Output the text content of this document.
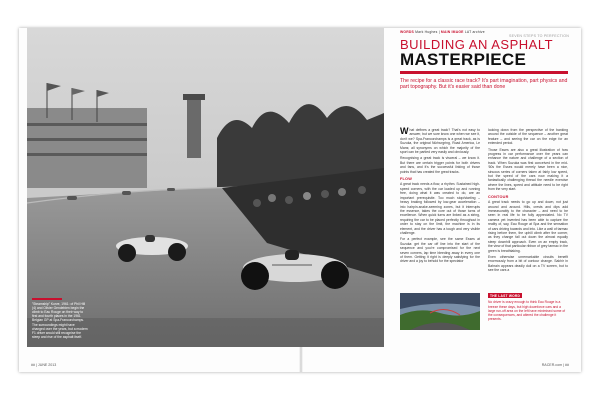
SEVEN STEPS TO PERFECTION
## | JUNE 2013	RACER.com | ##
"Steamship" Kurve, 1961: of Phil Hill (4) and Olivier Gendebien begin the climb to Eau Rouge on their way to first and fourth places in the 1961 Belgian GP at Spa-Francorchamps. The surroundings might have changed over the years, but a modern F1 driver would still recognise the steep and rise of the asphalt itself.
WORDS Mark Hughes | MAIN IMAGE LAT archive
BUILDING AN ASPHALT
MASTERPIECE
The recipe for a classic race track? It's part imagination, part physics and part topography. But it's easier said than done

What defines a great track? That's not easy to answer, but we sure know one when we see it, don't we? Spa-Francorchamps is a great track, as is Suzuka, the original Nürburgring, Road America, Le Mans; all synonyms on which the majority of the sport can be partied very easily and obviously.

Recognising a great track is visceral – we know it. But there are certain trigger points for both drivers and fans, and it's the successful linking of those points that has created the great tracks.

FLOW

A great track needs a flow, a rhythm. Sustained high-speed corners, with the car loaded up and running free, doing what it was created to do, are an important prerequisite. Too much stop/starting – heavy braking followed by low-gear acceleration – into hairpin-snake-seeming zones, but it interrupts the essence, takes the core out of those turns of excellence. When quick turns are linked as a string, requiring the car to be placed perfectly throughout in order to stay on the limit, the machine is in its element, and the driver has a tough and very visible challenge.

For a perfect example, see the same Esses at Suzuka: get the car off line into the start of the sequence and you're compromised for the next seven corners, lap time bleeding away in every one of them. Getting it right is deeply satisfying for the driver and a joy to behold for the spectator

looking down from the perspective of the banking around the outside of the sequence – another great feature – and seeing the car on the edge for an extended period.

Those Esses are also a great illustration of how progress in car performance over the years can enhance the nature and challenge of a section of track. When Suzuka was first conceived in the mid-'60s the Esses would merely have been a nice, sinuous series of corners taken at fairly low speed, but the speed of the cars now making it a fantastically challenging thread the needle exercise where the lines, speed and attitude need to be right from the very start.

CONTOUR

A great track needs to go up and down, not just around and around. Hills, crests and dips add immeasurably to the character – and need to be seen in real life to be fully appreciated. No TV camera yet invented has been able to capture the reality of, say, Eau Rouge at Spa and the sensation of cars driving towards and into. Like a wall of tarmac rising before them, the uphill climb after the corner, as they change fall out down the almost equally steep downhill approach. Even on an empty track, the view of that particular ribbon of grey tarmac in the green is breathtaking.

Even otherwise unremarkable circuits benefit enormously from a bit of contour change. Sakhir in Bahrain appears deadly dull on a TV screen, but to see the cars a

THE LAST WORD
No driver is crazy enough to think Eau Rouge is a breeze these days, but high downforce cars and a large run-off area on the left have minimised some of the consequences, and altered the challenge it presents.
